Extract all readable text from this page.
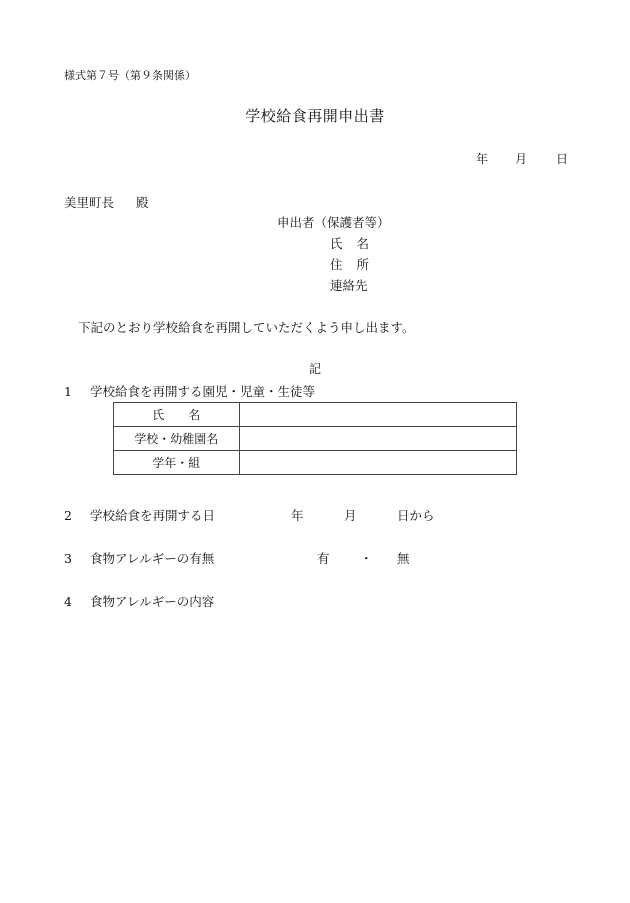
様式第７号（第９条関係）
学校給食再開申出書
年 月 日
美里町長 殿
申出者（保護者等）
氏 名
住 所
連絡先
下記のとおり学校給食を再開していただくよう申し出ます。
記
1 学校給食を再開する園児・児童・生徒等
氏　　名	
学校・幼稚園名	
学年・組	
2 学校給食を再開する日	年	月	日から
3 食物アレルギーの有無	有 ・ 無
4 食物アレルギーの内容
